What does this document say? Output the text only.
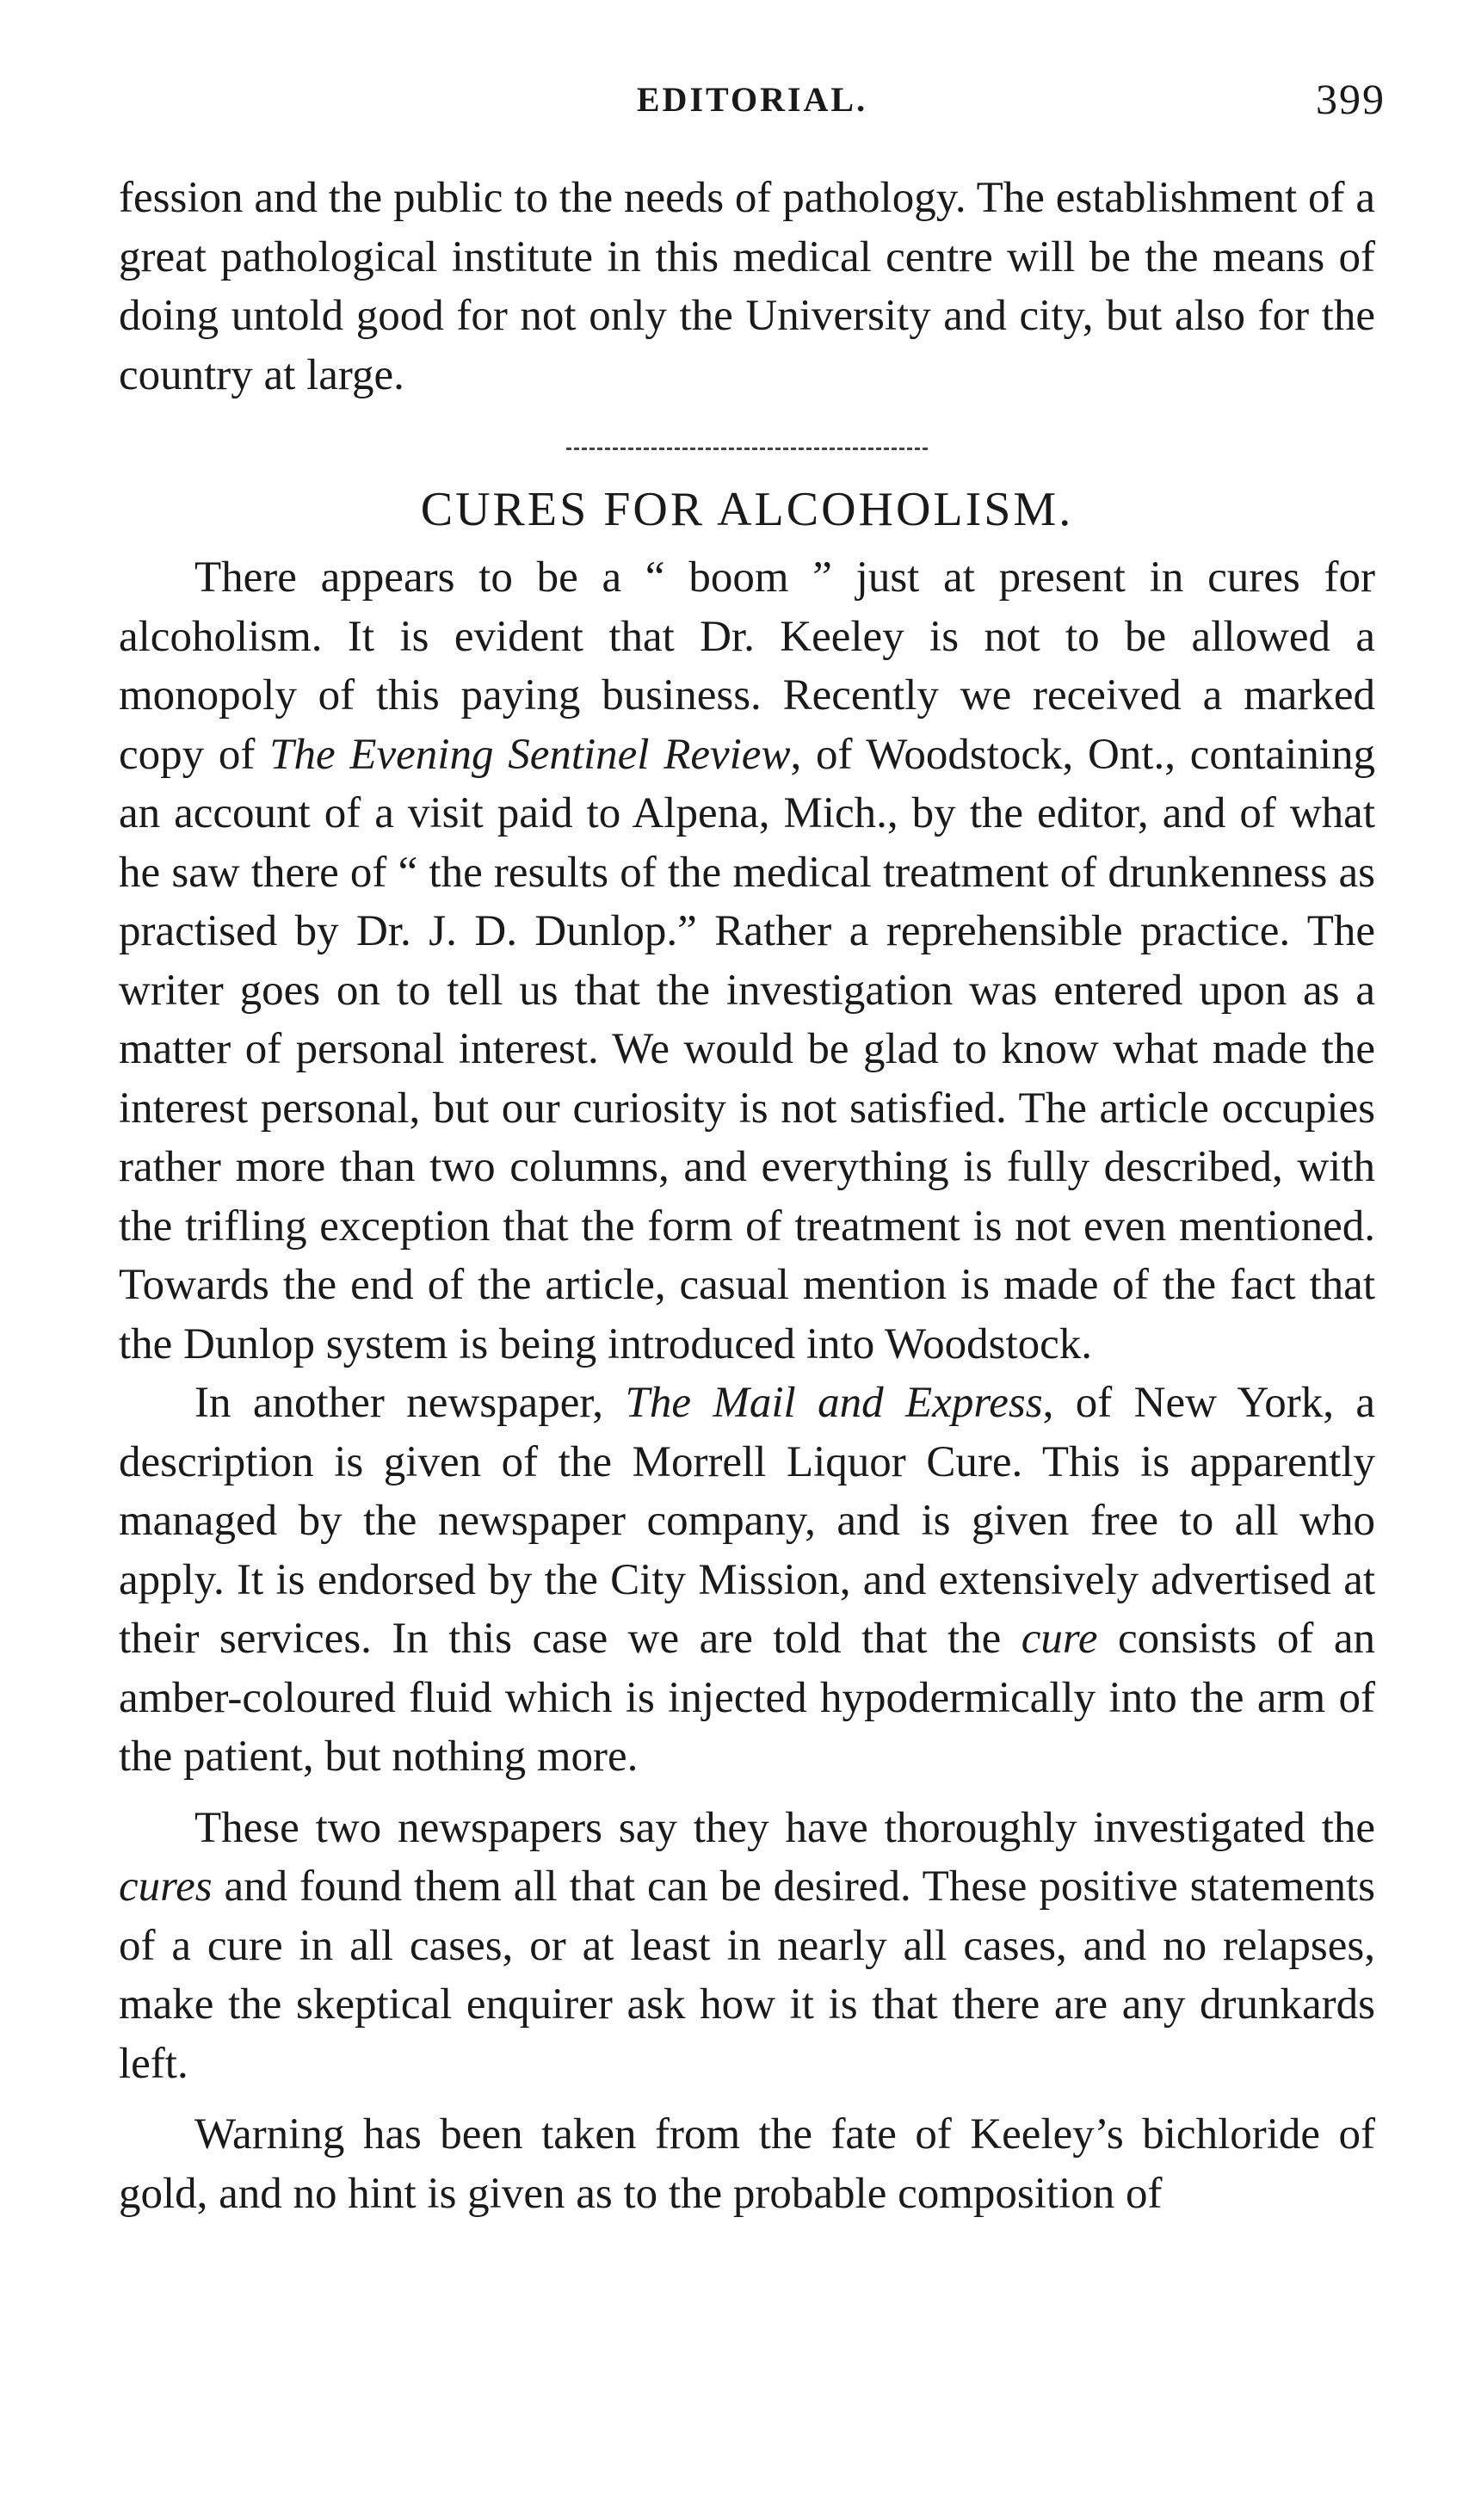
EDITORIAL.	399

fession and the public to the needs of pathology. The establishment of a great pathological institute in this medical centre will be the means of doing untold good for not only the University and city, but also for the country at large.

CURES FOR ALCOHOLISM.

There appears to be a “ boom ” just at present in cures for alcoholism. It is evident that Dr. Keeley is not to be allowed a monopoly of this paying business. Recently we received a marked copy of The Evening Sentinel Review, of Woodstock, Ont., containing an account of a visit paid to Alpena, Mich., by the editor, and of what he saw there of “ the results of the medical treatment of drunkenness as practised by Dr. J. D. Dunlop.” Rather a reprehensible practice. The writer goes on to tell us that the investigation was entered upon as a matter of personal interest. We would be glad to know what made the interest personal, but our curiosity is not satisfied. The article occupies rather more than two columns, and everything is fully described, with the trifling exception that the form of treatment is not even mentioned. Towards the end of the article, casual mention is made of the fact that the Dunlop system is being introduced into Woodstock.

In another newspaper, The Mail and Express, of New York, a description is given of the Morrell Liquor Cure. This is apparently managed by the newspaper company, and is given free to all who apply. It is endorsed by the City Mission, and extensively advertised at their services. In this case we are told that the cure consists of an amber-coloured fluid which is injected hypodermically into the arm of the patient, but nothing more.

These two newspapers say they have thoroughly investigated the cures and found them all that can be desired. These positive statements of a cure in all cases, or at least in nearly all cases, and no relapses, make the skeptical enquirer ask how it is that there are any drunkards left.

Warning has been taken from the fate of Keeley’s bichloride of gold, and no hint is given as to the probable composition of
